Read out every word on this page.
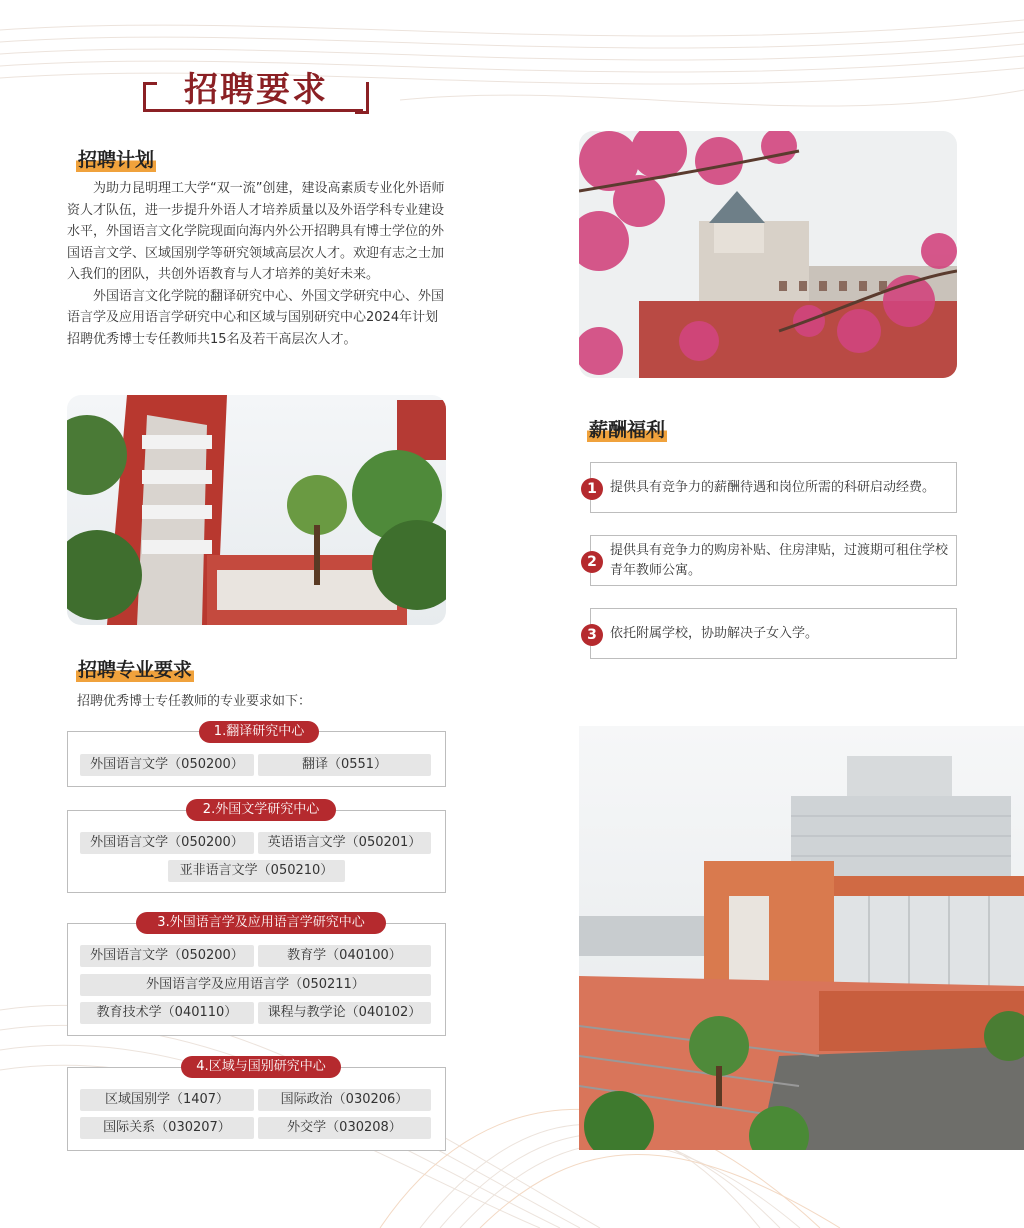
招聘要求
招聘计划

为助力昆明理工大学“双一流”创建，建设高素质专业化外语师资人才队伍，进一步提升外语人才培养质量以及外语学科专业建设水平，外国语言文化学院现面向海内外公开招聘具有博士学位的外国语言文学、区域国别学等研究领域高层次人才。欢迎有志之士加入我们的团队，共创外语教育与人才培养的美好未来。

外国语言文化学院的翻译研究中心、外国文学研究中心、外国语言学及应用语言学研究中心和区域与国别研究中心2024年计划招聘优秀博士专任教师共15名及若干高层次人才。

招聘专业要求
招聘优秀博士专任教师的专业要求如下：
1.翻译研究中心
外国语言文学（050200）	翻译（0551）
2.外国文学研究中心
外国语言文学（050200）	英语语言文学（050201）
亚非语言文学（050210）
3.外国语言学及应用语言学研究中心
外国语言文学（050200）	教育学（040100）
外国语言学及应用语言学（050211）
教育技术学（040110）	课程与教学论（040102）
4.区域与国别研究中心
区域国别学（1407）	国际政治（030206）
国际关系（030207）	外交学（030208）
薪酬福利
1	提供具有竞争力的薪酬待遇和岗位所需的科研启动经费。
2
提供具有竞争力的购房补贴、住房津贴，过渡期可租住学校青年教师公寓。
3	依托附属学校，协助解决子女入学。
